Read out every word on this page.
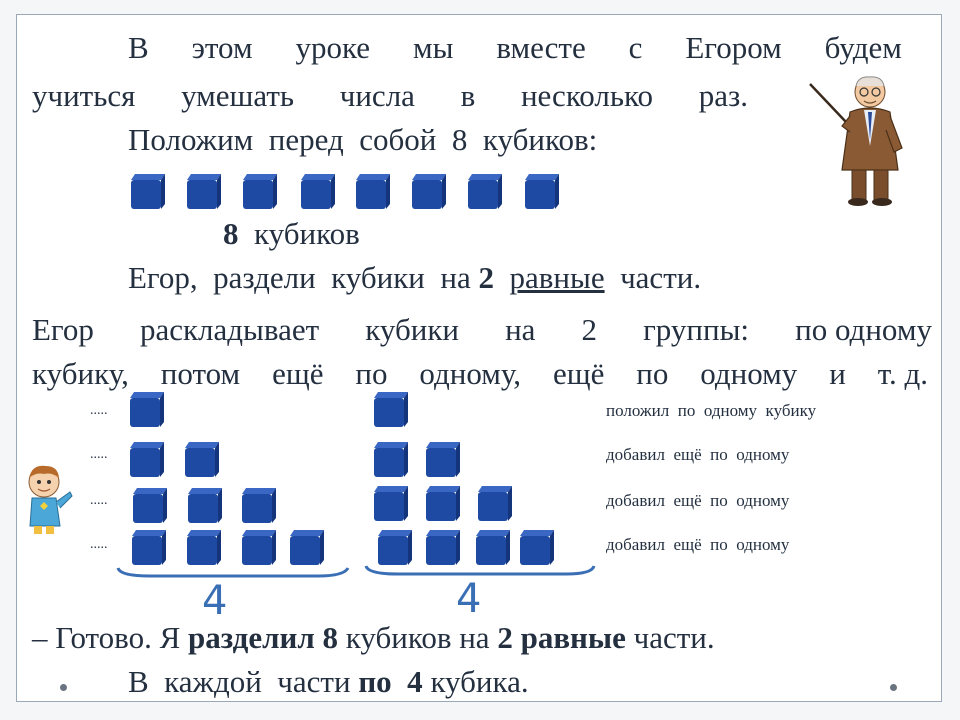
В этом уроке мы вместе с Егором будем
учиться умешать числа в несколько раз.
Положим  перед  собой  8  кубиков:
8 кубиков
Егор,  раздели  кубики  на 2 равные части.
Егор раскладывает кубики на 2 группы: по одному
кубику, потом ещё по одному, ещё по одному и т. д.
.....	положил  по  одному  кубику
.....	добавил  ещё  по  одному
.....	добавил  ещё  по  одному
.....	добавил  ещё  по  одному
4	4
– Готово. Я разделил 8 кубиков на 2 равные части.
В  каждой  части по  4 кубика.
